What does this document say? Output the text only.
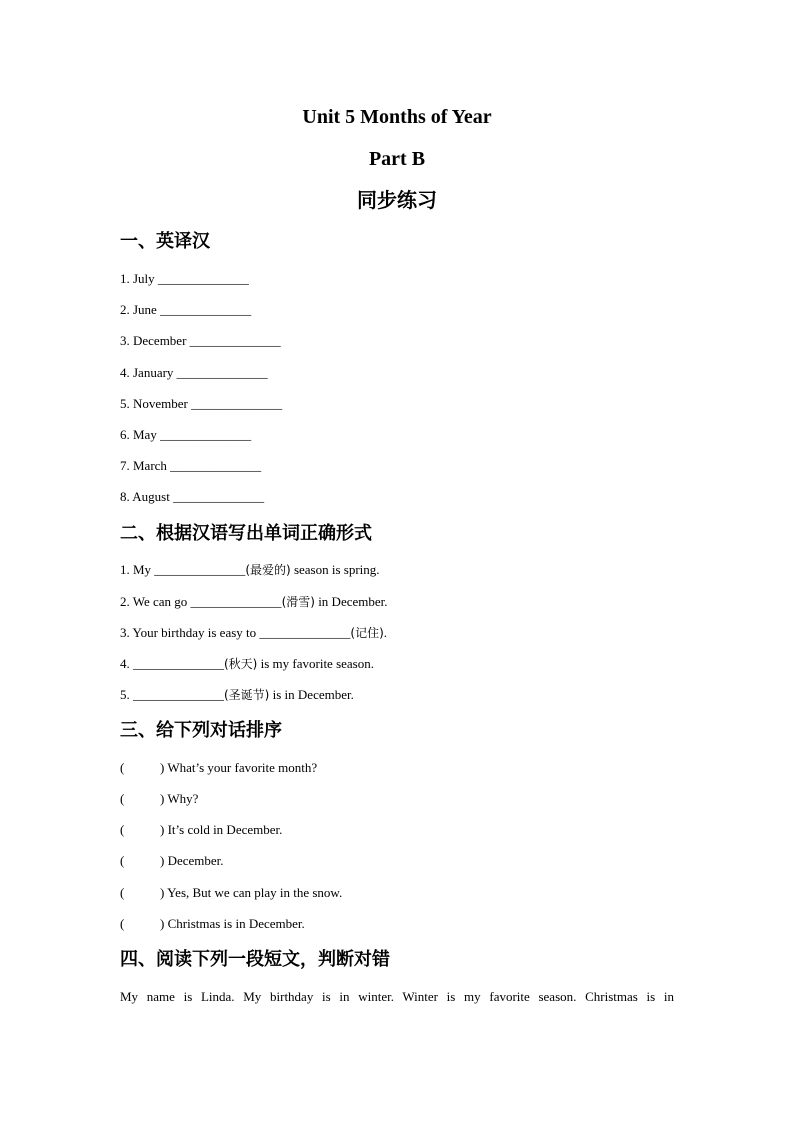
Unit 5 Months of Year
Part B
同步练习
一、英译汉
1. July ______________
2. June ______________
3. December ______________
4. January ______________
5. November ______________
6. May ______________
7. March ______________
8. August ______________
二、根据汉语写出单词正确形式
1. My ______________(最爱的) season is spring.
2. We can go ______________(滑雪) in December.
3. Your birthday is easy to ______________(记住).
4. ______________(秋天) is my favorite season.
5. ______________(圣诞节) is in December.
三、给下列对话排序
(	) What’s your favorite month?
(	) Why?
(	) It’s cold in December.
(	) December.
(	) Yes, But we can play in the snow.
(	) Christmas is in December.
四、阅读下列一段短文，判断对错
My name is Linda. My birthday is in winter. Winter is my favorite season. Christmas is in
